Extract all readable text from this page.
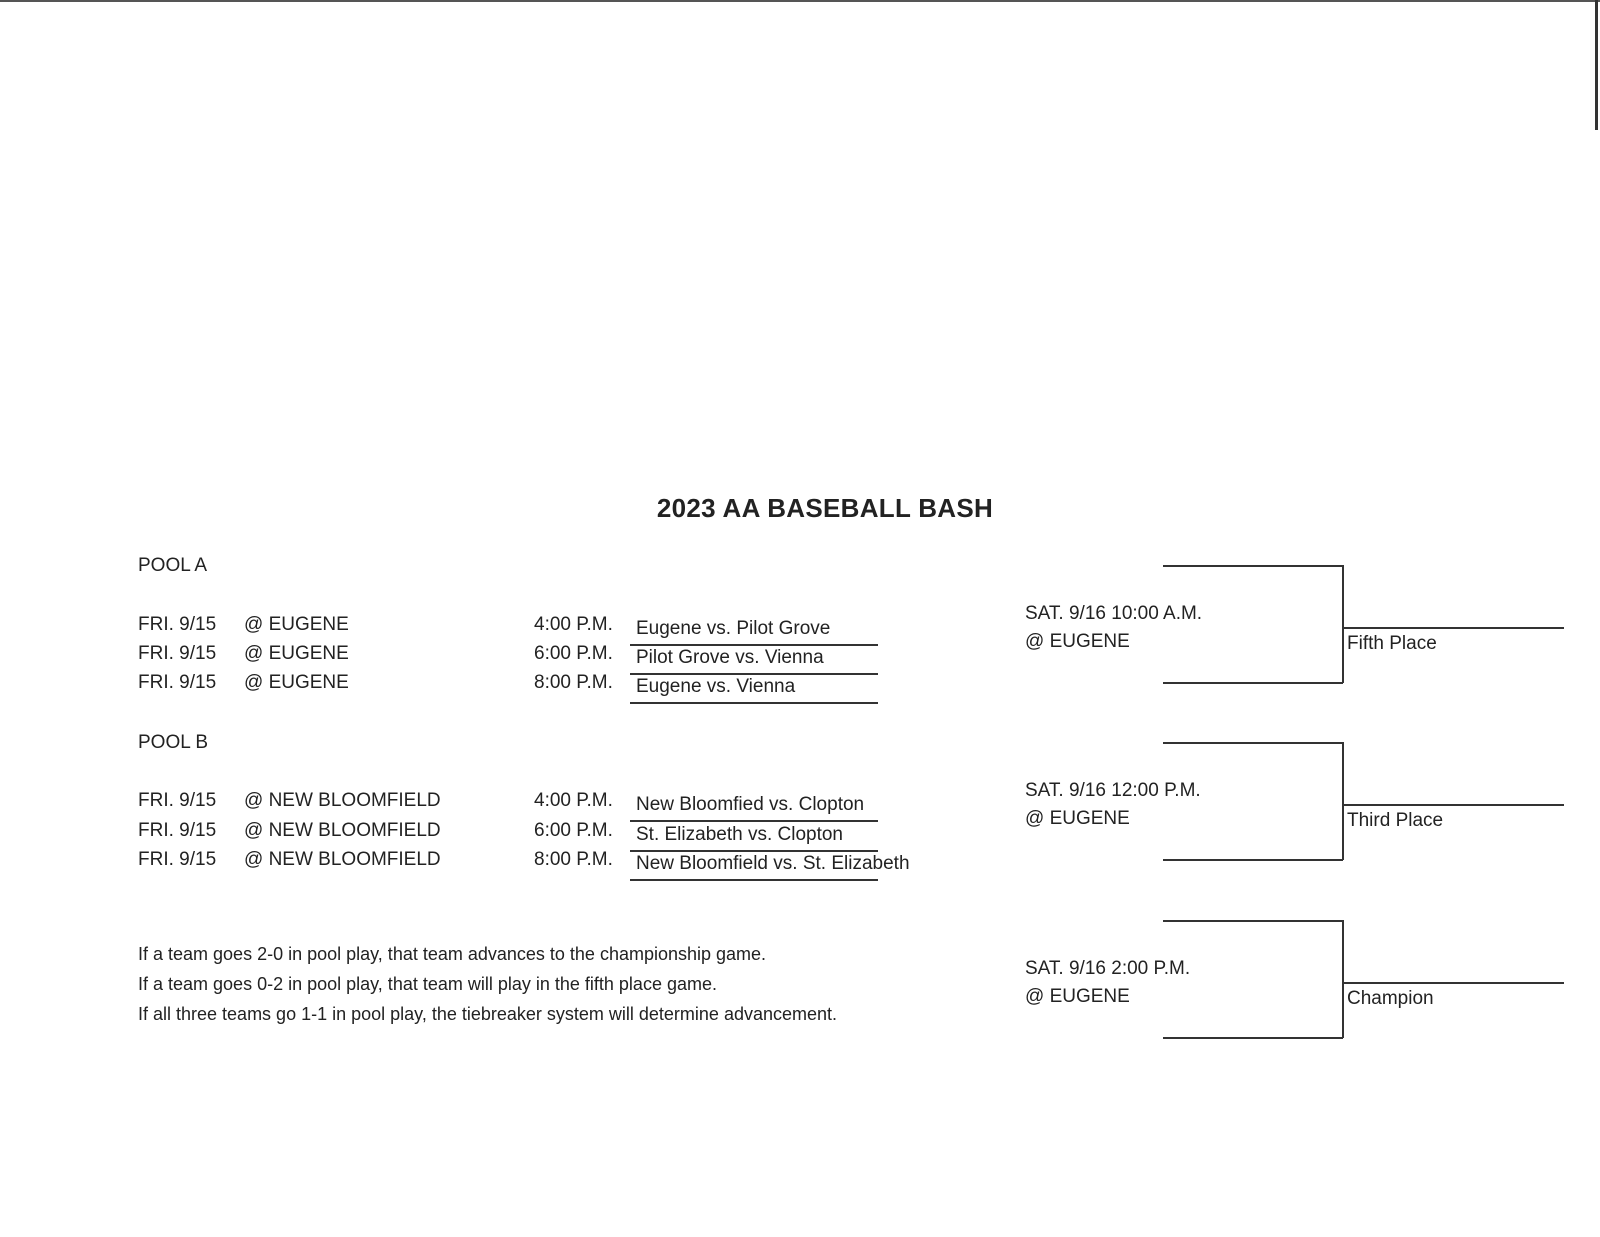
2023 AA BASEBALL BASH
POOL A
FRI. 9/15 @ EUGENE	4:00 P.M. Eugene vs. Pilot Grove
FRI. 9/15 @ EUGENE	6:00 P.M. Pilot Grove vs. Vienna
FRI. 9/15 @ EUGENE	8:00 P.M. Eugene vs. Vienna
POOL B
FRI. 9/15 @ NEW BLOOMFIELD	4:00 P.M. New Bloomfied vs. Clopton
FRI. 9/15 @ NEW BLOOMFIELD	6:00 P.M. St. Elizabeth vs. Clopton
FRI. 9/15 @ NEW BLOOMFIELD	8:00 P.M. New Bloomfield vs. St. Elizabeth
If a team goes 2-0 in pool play, that team advances to the championship game.
If a team goes 0-2 in pool play, that team will play in the fifth place game.
If all three teams go 1-1 in pool play, the tiebreaker system will determine advancement.
SAT. 9/16 10:00 A.M.
@ EUGENE	Fifth Place
SAT. 9/16 12:00 P.M.
@ EUGENE	Third Place
SAT. 9/16 2:00 P.M.
@ EUGENE	Champion
